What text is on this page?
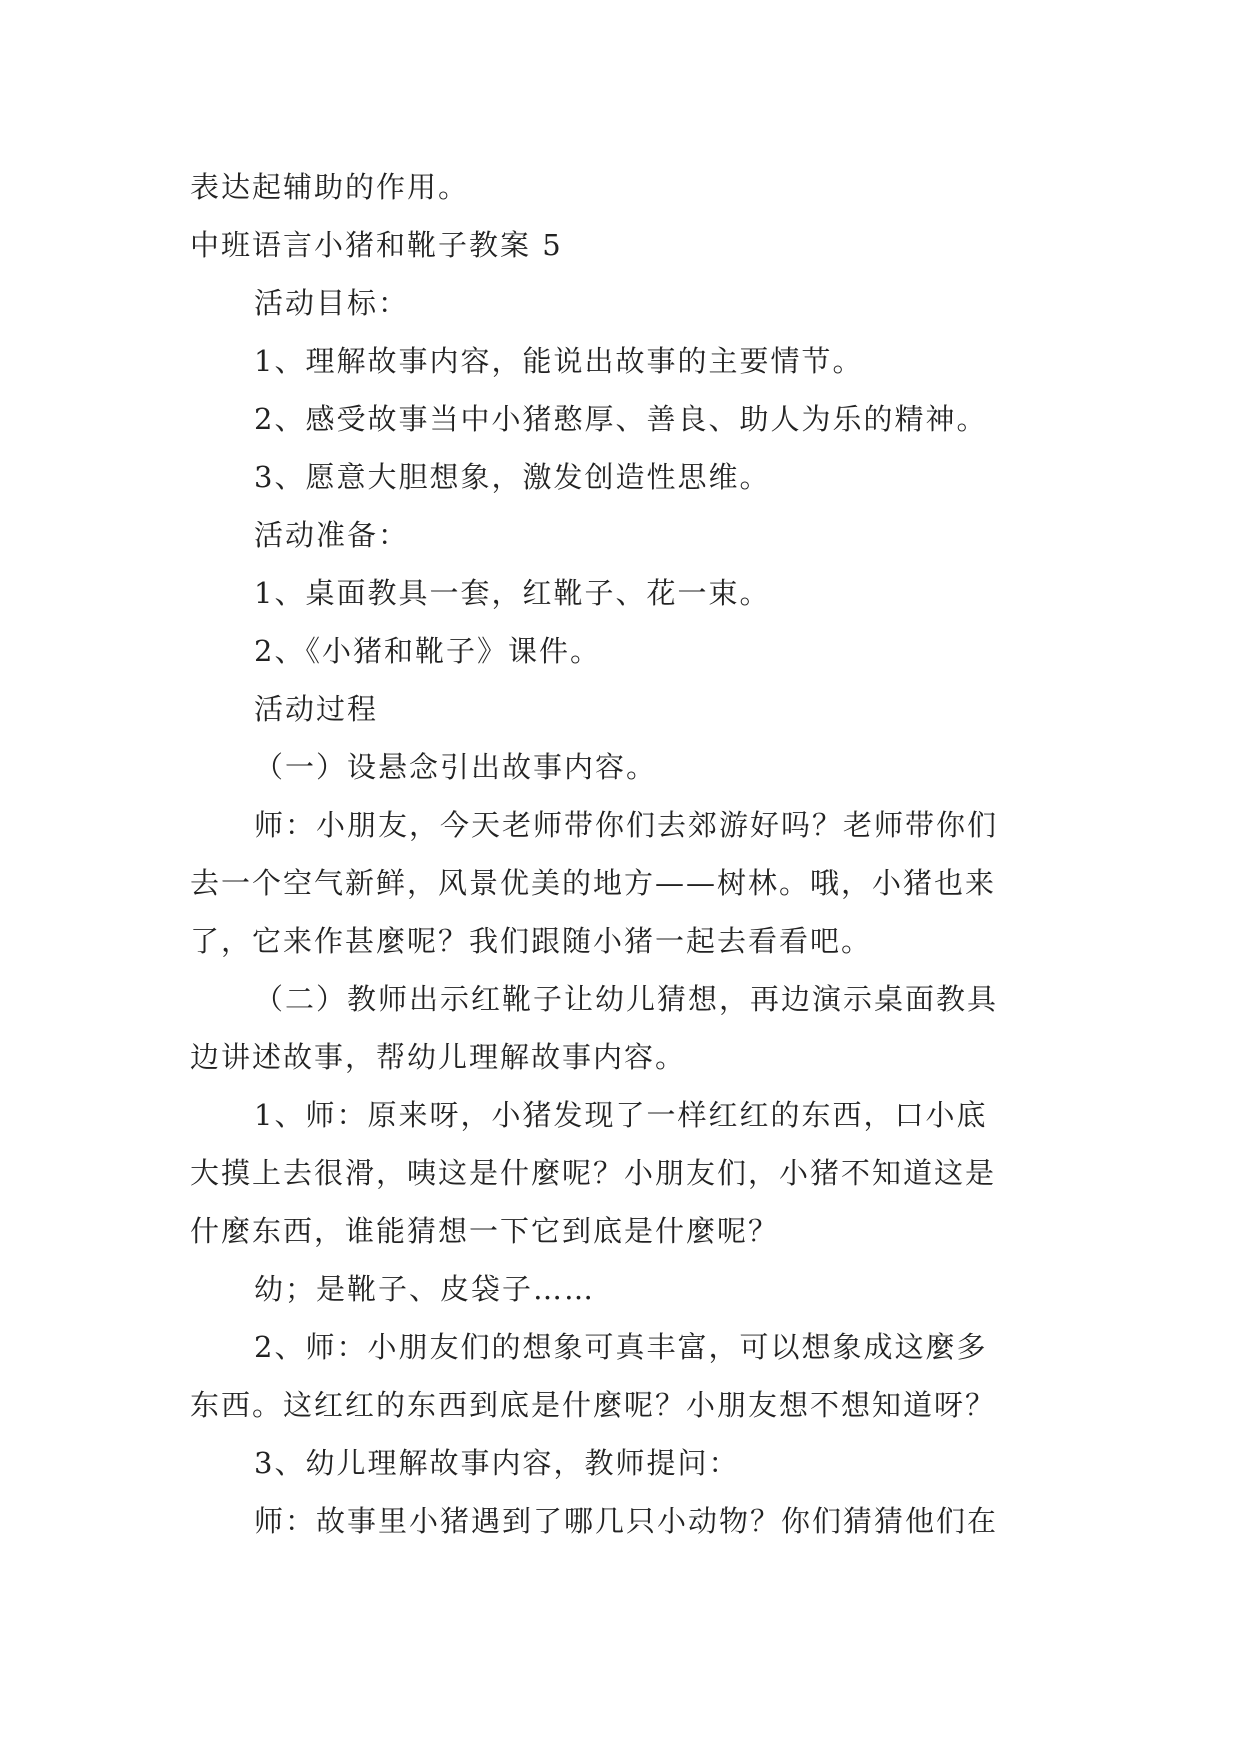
表达起辅助的作用。
中班语言小猪和靴子教案 5
活动目标：
1、理解故事内容，能说出故事的主要情节。
2、感受故事当中小猪憨厚、善良、助人为乐的精神。
3、愿意大胆想象，激发创造性思维。
活动准备：
1、桌面教具一套，红靴子、花一束。
2、《小猪和靴子》课件。
活动过程
（一）设悬念引出故事内容。
师：小朋友，今天老师带你们去郊游好吗？老师带你们
去一个空气新鲜，风景优美的地方——树林。哦，小猪也来
了，它来作甚麼呢？我们跟随小猪一起去看看吧。
（二）教师出示红靴子让幼儿猜想，再边演示桌面教具
边讲述故事，帮幼儿理解故事内容。
1、师：原来呀，小猪发现了一样红红的东西，口小底
大摸上去很滑，咦这是什麼呢？小朋友们，小猪不知道这是
什麼东西，谁能猜想一下它到底是什麼呢？
幼；是靴子、皮袋子……
2、师：小朋友们的想象可真丰富，可以想象成这麼多
东西。这红红的东西到底是什麼呢？小朋友想不想知道呀？
3、幼儿理解故事内容，教师提问：
师：故事里小猪遇到了哪几只小动物？你们猜猜他们在
